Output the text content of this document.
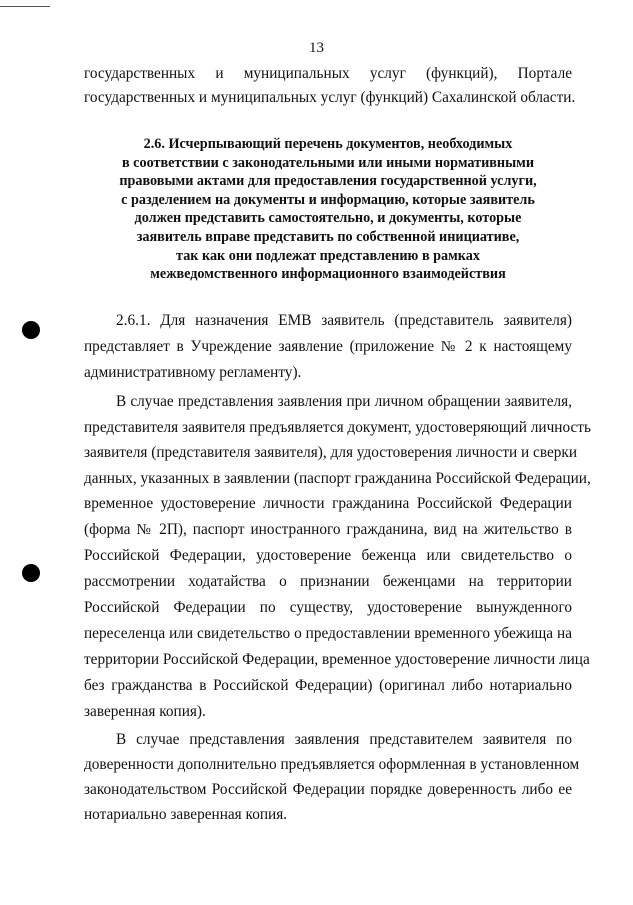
13
государственных и муниципальных услуг (функций), Портале
государственных и муниципальных услуг (функций) Сахалинской области.
2.6. Исчерпывающий перечень документов, необходимых
в соответствии с законодательными или иными нормативными
правовыми актами для предоставления государственной услуги,
с разделением на документы и информацию, которые заявитель
должен представить самостоятельно, и документы, которые
заявитель вправе представить по собственной инициативе,
так как они подлежат представлению в рамках
межведомственного информационного взаимодействия
2.6.1. Для назначения ЕМВ заявитель (представитель заявителя)
представляет в Учреждение заявление (приложение № 2 к настоящему
административному регламенту).
В случае представления заявления при личном обращении заявителя,
представителя заявителя предъявляется документ, удостоверяющий личность
заявителя (представителя заявителя), для удостоверения личности и сверки
данных, указанных в заявлении (паспорт гражданина Российской Федерации,
временное удостоверение личности гражданина Российской Федерации
(форма № 2П), паспорт иностранного гражданина, вид на жительство в
Российской Федерации, удостоверение беженца или свидетельство о
рассмотрении ходатайства о признании беженцами на территории
Российской Федерации по существу, удостоверение вынужденного
переселенца или свидетельство о предоставлении временного убежища на
территории Российской Федерации, временное удостоверение личности лица
без гражданства в Российской Федерации) (оригинал либо нотариально
заверенная копия).
В случае представления заявления представителем заявителя по
доверенности дополнительно предъявляется оформленная в установленном
законодательством Российской Федерации порядке доверенность либо ее
нотариально заверенная копия.
